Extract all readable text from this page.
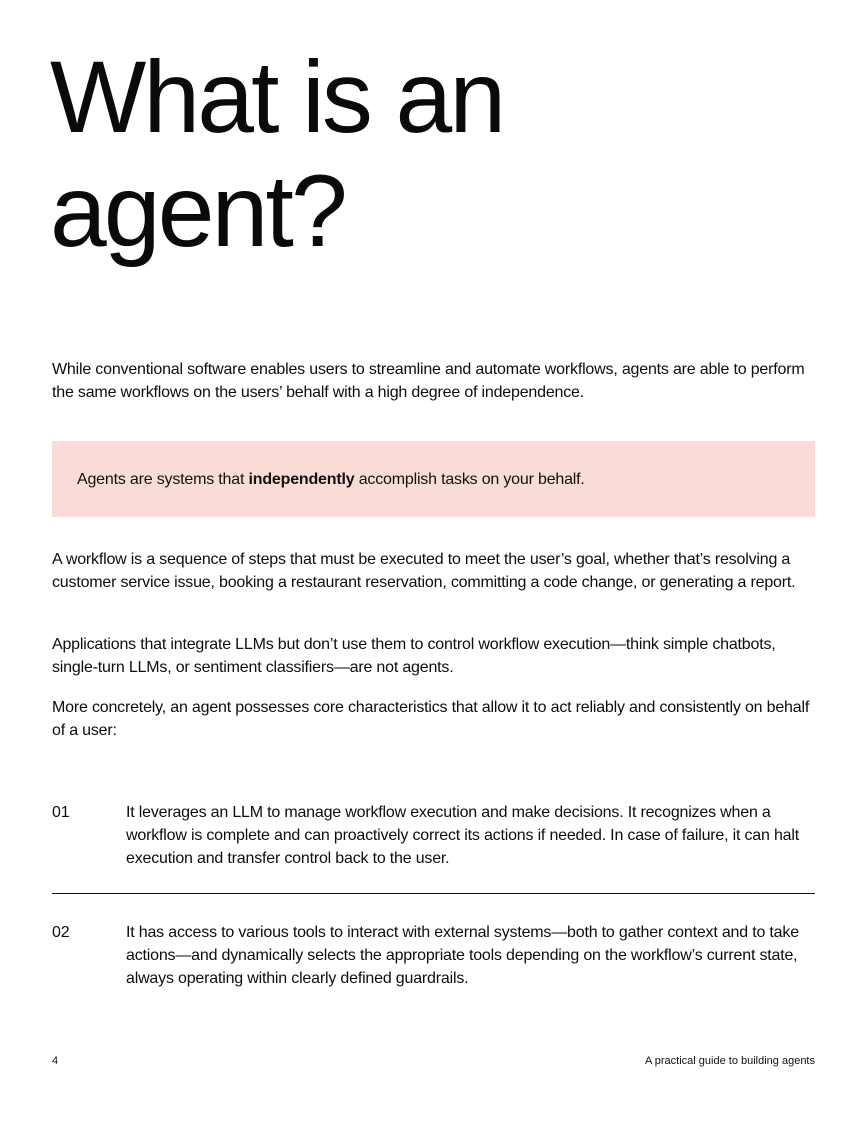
What is an
agent?

While conventional software enables users to streamline and automate workflows, agents are able to perform the same workflows on the users’ behalf with a high degree of independence.

Agents are systems that independently accomplish tasks on your behalf.

A workflow is a sequence of steps that must be executed to meet the user’s goal, whether that’s resolving a customer service issue, booking a restaurant reservation, committing a code change, or generating a report.

Applications that integrate LLMs but don’t use them to control workflow execution—think simple chatbots, single-turn LLMs, or sentiment classifiers—are not agents.

More concretely, an agent possesses core characteristics that allow it to act reliably and consistently on behalf of a user:

01	It leverages an LLM to manage workflow execution and make decisions. It recognizes when a workflow is complete and can proactively correct its actions if needed. In case of failure, it can halt execution and transfer control back to the user.
02	It has access to various tools to interact with external systems—both to gather context and to take actions—and dynamically selects the appropriate tools depending on the workflow’s current state, always operating within clearly defined guardrails.
4	A practical guide to building agents
